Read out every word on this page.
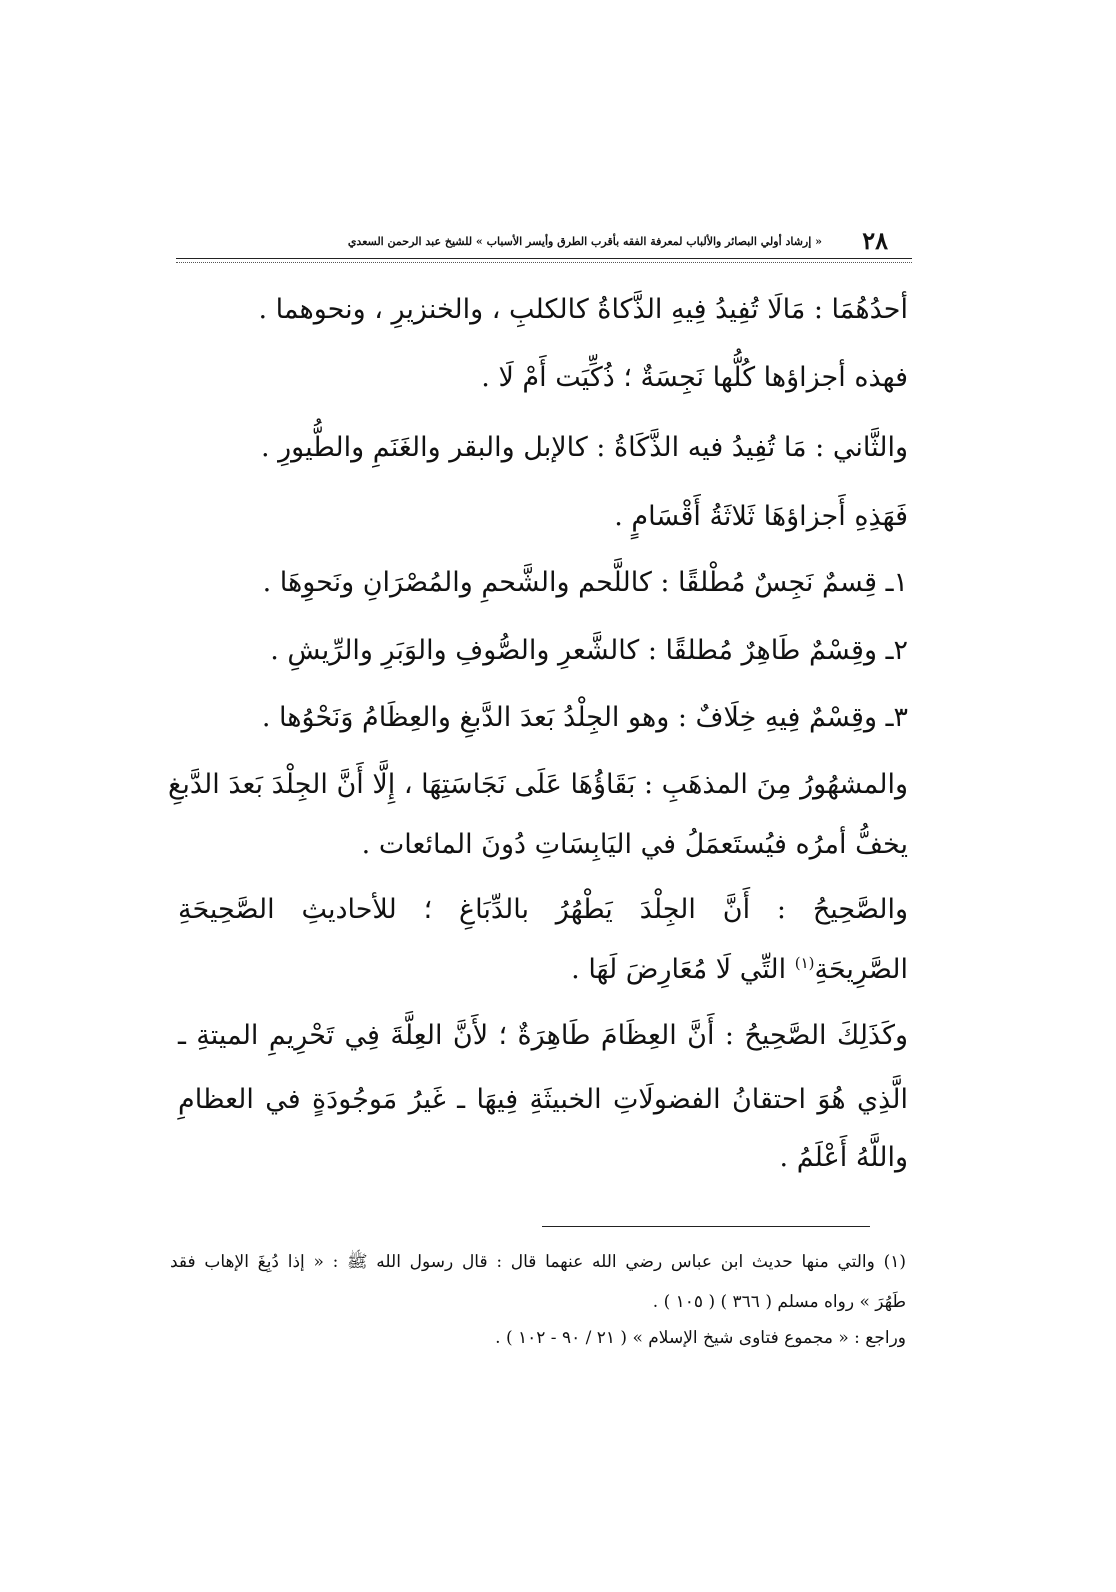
٢٨
« إرشاد أولي البصائر والألباب لمعرفة الفقه بأقرب الطرق وأيسر الأسباب » للشيخ عبد الرحمن السعدي
أحدُهُمَا : مَالَا تُفِيدُ فِيهِ الذَّكاةُ كالكلبِ ، والخنزيرِ ، ونحوهما .
فهذه أجزاؤها كُلُّها نَجِسَةٌ ؛ ذُكِّيَت أَمْ لَا .
والثَّاني : مَا تُفِيدُ فيه الذَّكَاةُ : كالإبل والبقر والغَنَمِ والطُّيورِ .
فَهَذِهِ أَجزاؤهَا ثَلاثَةُ أَقْسَامٍ .
١ـ قِسمٌ نَجِسٌ مُطْلقًا : كاللَّحم والشَّحمِ والمُصْرَانِ ونَحوِهَا .
٢ـ وقِسْمٌ طَاهِرٌ مُطلقًا : كالشَّعرِ والصُّوفِ والوَبَرِ والرِّيشِ .
٣ـ وقِسْمٌ فِيهِ خِلَافٌ : وهو الجِلْدُ بَعدَ الدَّبغِ والعِظَامُ وَنَحْوُها .
والمشهُورُ مِنَ المذهَبِ : بَقَاؤُهَا عَلَى نَجَاسَتِهَا ، إِلَّا أَنَّ الجِلْدَ بَعدَ الدَّبغِ
يخفُّ أمرُه فيُستَعمَلُ في اليَابِسَاتِ دُونَ المائعات .
والصَّحِيحُ : أَنَّ الجِلْدَ يَطْهُرُ بالدِّبَاغِ ؛ للأحاديثِ الصَّحِيحَةِ
الصَّرِيحَةِ$^{(١)}$ التِّي لَا مُعَارِضَ لَهَا .
وكَذَلِكَ الصَّحِيحُ : أَنَّ العِظَامَ طَاهِرَةٌ ؛ لأَنَّ العِلَّةَ فِي تَحْرِيمِ الميتةِ ـ
الَّذِي هُوَ احتقانُ الفضولَاتِ الخبيثَةِ فِيهَا ـ غَيرُ مَوجُودَةٍ في العظامِ
واللَّهُ أَعْلَمُ .
(١) والتي منها حديث ابن عباس رضي الله عنهما قال : قال رسول الله ﷺ : « إذا دُبِغَ الإهاب فقد
طَهُرَ » رواه مسلم ( ٣٦٦ ) ( ١٠٥ ) .
وراجع : « مجموع فتاوى شيخ الإسلام » ( ٢١ / ٩٠ - ١٠٢ ) .
